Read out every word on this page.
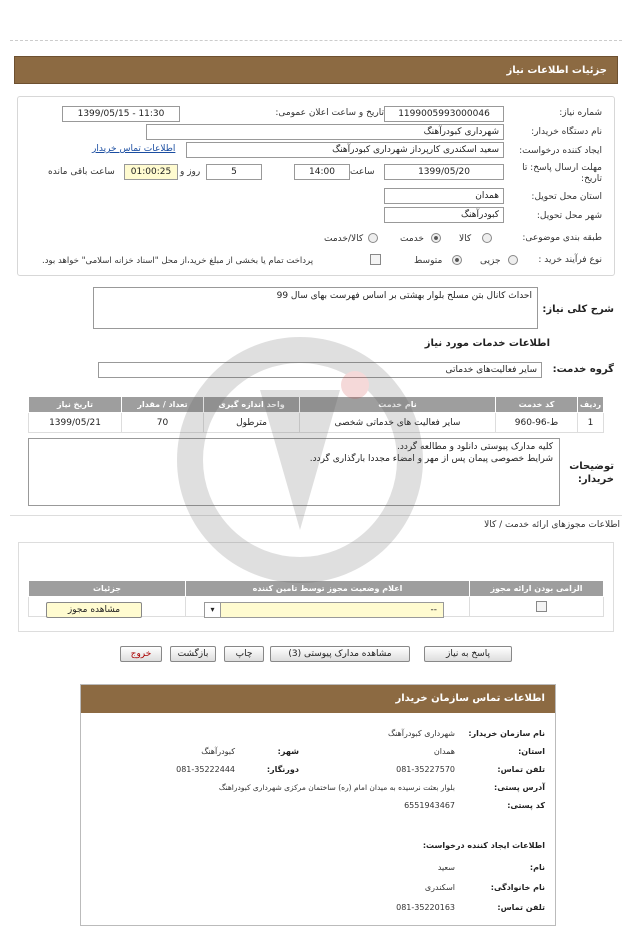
جزئیات اطلاعات نیاز
شماره نیاز:
1199005993000046
تاریخ و ساعت اعلان عمومی:
1399/05/15 - 11:30
نام دستگاه خریدار:
شهرداری کبودرآهنگ
ایجاد کننده درخواست:
سعید اسکندری کارپرداز شهرداری کبودرآهنگ
اطلاعات تماس خریدار
مهلت ارسال پاسخ: تا تاریخ:
1399/05/20
ساعت
14:00
5
روز و
01:00:25
ساعت باقی مانده
استان محل تحویل:
همدان
شهر محل تحویل:
کبودرآهنگ
طبقه بندی موضوعی:
کالا
خدمت
کالا/خدمت
نوع فرآیند خرید :
جزیی
متوسط
پرداخت تمام یا بخشی از مبلغ خرید،از محل "اسناد خزانه اسلامی" خواهد بود.
شرح کلی نیاز:
احداث کانال بتن مسلح بلوار بهشتی بر اساس فهرست بهای سال 99
اطلاعات خدمات مورد نیاز
گروه خدمت:
سایر فعالیت‌های خدماتی
ردیف	کد خدمت	نام خدمت	واحد اندازه گیری	تعداد / مقدار	تاریخ نیاز
1	ط-96-960	سایر فعالیت های خدماتی شخصی	مترطول	70	1399/05/21
توضیحات خریدار:
کلیه مدارک پیوستی دانلود و مطالعه گردد.
شرایط خصوصی پیمان پس از مهر و امضاء مجددا بارگذاری گردد.
اطلاعات مجوزهای ارائه خدمت / کالا
الزامی بودن ارائه مجوز	اعلام وضعیت مجوز توسط تامین کننده	جزئیات

--
▾
مشاهده مجوز
پاسخ به نیاز
مشاهده مدارک پیوستی (3)
چاپ
بازگشت
خروج
اطلاعات تماس سازمان خریدار
نام سازمان خریدار:
شهرداری کبودرآهنگ
استان:
همدان
شهر:
کبودرآهنگ
تلفن تماس:
081-35227570
دورنگار:
081-35222444
آدرس پستی:
بلوار بعثت نرسیده به میدان امام (ره) ساختمان مرکزی شهرداری کبودراهنگ
کد پستی:
6551943467
اطلاعات ایجاد کننده درخواست:
نام:
سعید
نام خانوادگی:
اسکندری
تلفن تماس:
081-35220163
